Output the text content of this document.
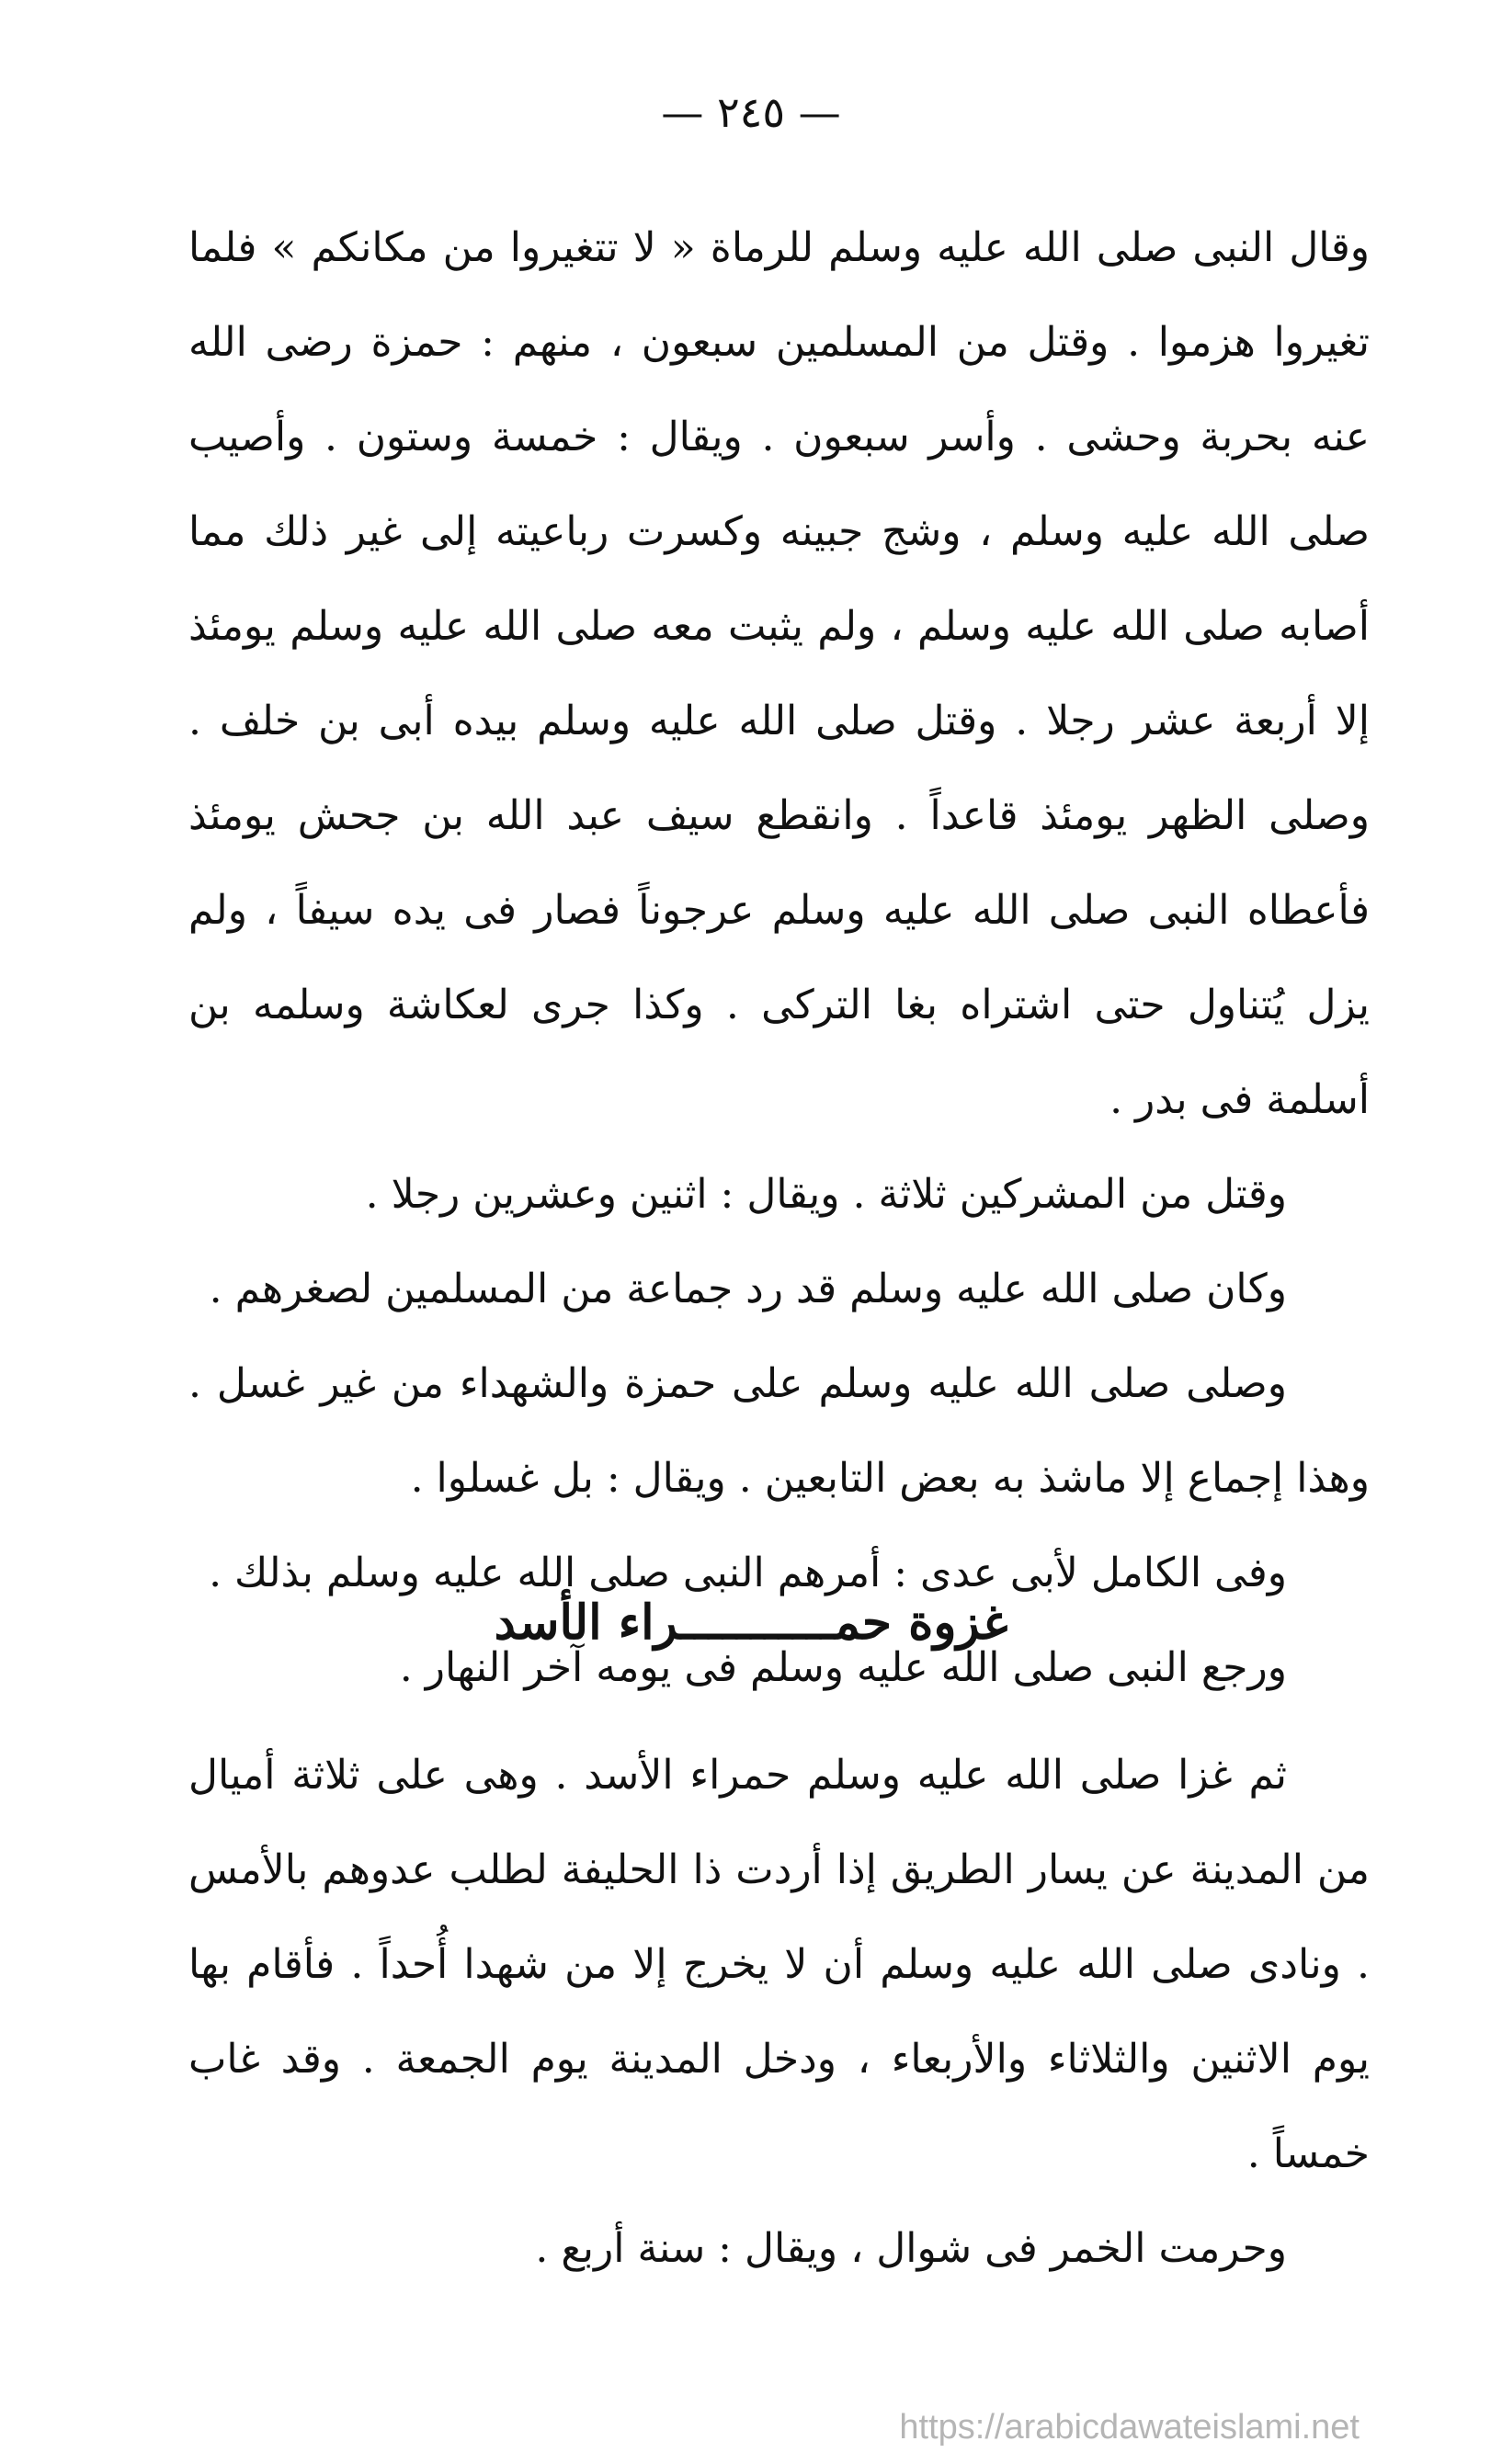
— ٢٤٥ —

وقال النبى صلى الله عليه وسلم للرماة « لا تتغيروا من مكانكم » فلما تغيروا هزموا . وقتل من المسلمين سبعون ، منهم : حمزة رضى الله عنه بحربة وحشى . وأسر سبعون . ويقال : خمسة وستون . وأصيب صلى الله عليه وسلم ، وشج جبينه وكسرت رباعيته إلى غير ذلك مما أصابه صلى الله عليه وسلم ، ولم يثبت معه صلى الله عليه وسلم يومئذ إلا أربعة عشر رجلا . وقتل صلى الله عليه وسلم بيده أبى بن خلف . وصلى الظهر يومئذ قاعداً . وانقطع سيف عبد الله بن جحش يومئذ فأعطاه النبى صلى الله عليه وسلم عرجوناً فصار فى يده سيفاً ، ولم يزل يُتناول حتى اشتراه بغا التركى . وكذا جرى لعكاشة وسلمه بن أسلمة فى بدر .

وقتل من المشركين ثلاثة . ويقال : اثنين وعشرين رجلا .

وكان صلى الله عليه وسلم قد رد جماعة من المسلمين لصغرهم .

وصلى صلى الله عليه وسلم على حمزة والشهداء من غير غسل . وهذا إجماع إلا ماشذ به بعض التابعين . ويقال : بل غسلوا .

وفى الكامل لأبى عدى : أمرهم النبى صلى الله عليه وسلم بذلك .

ورجع النبى صلى الله عليه وسلم فى يومه آخر النهار .

غزوة حمـــــــــــراء الأسد

ثم غزا صلى الله عليه وسلم حمراء الأسد . وهى على ثلاثة أميال من المدينة عن يسار الطريق إذا أردت ذا الحليفة لطلب عدوهم بالأمس . ونادى صلى الله عليه وسلم أن لا يخرج إلا من شهدا أُحداً . فأقام بها يوم الاثنين والثلاثاء والأربعاء ، ودخل المدينة يوم الجمعة . وقد غاب خمساً .

وحرمت الخمر فى شوال ، ويقال : سنة أربع .

https://arabicdawateislami.net
